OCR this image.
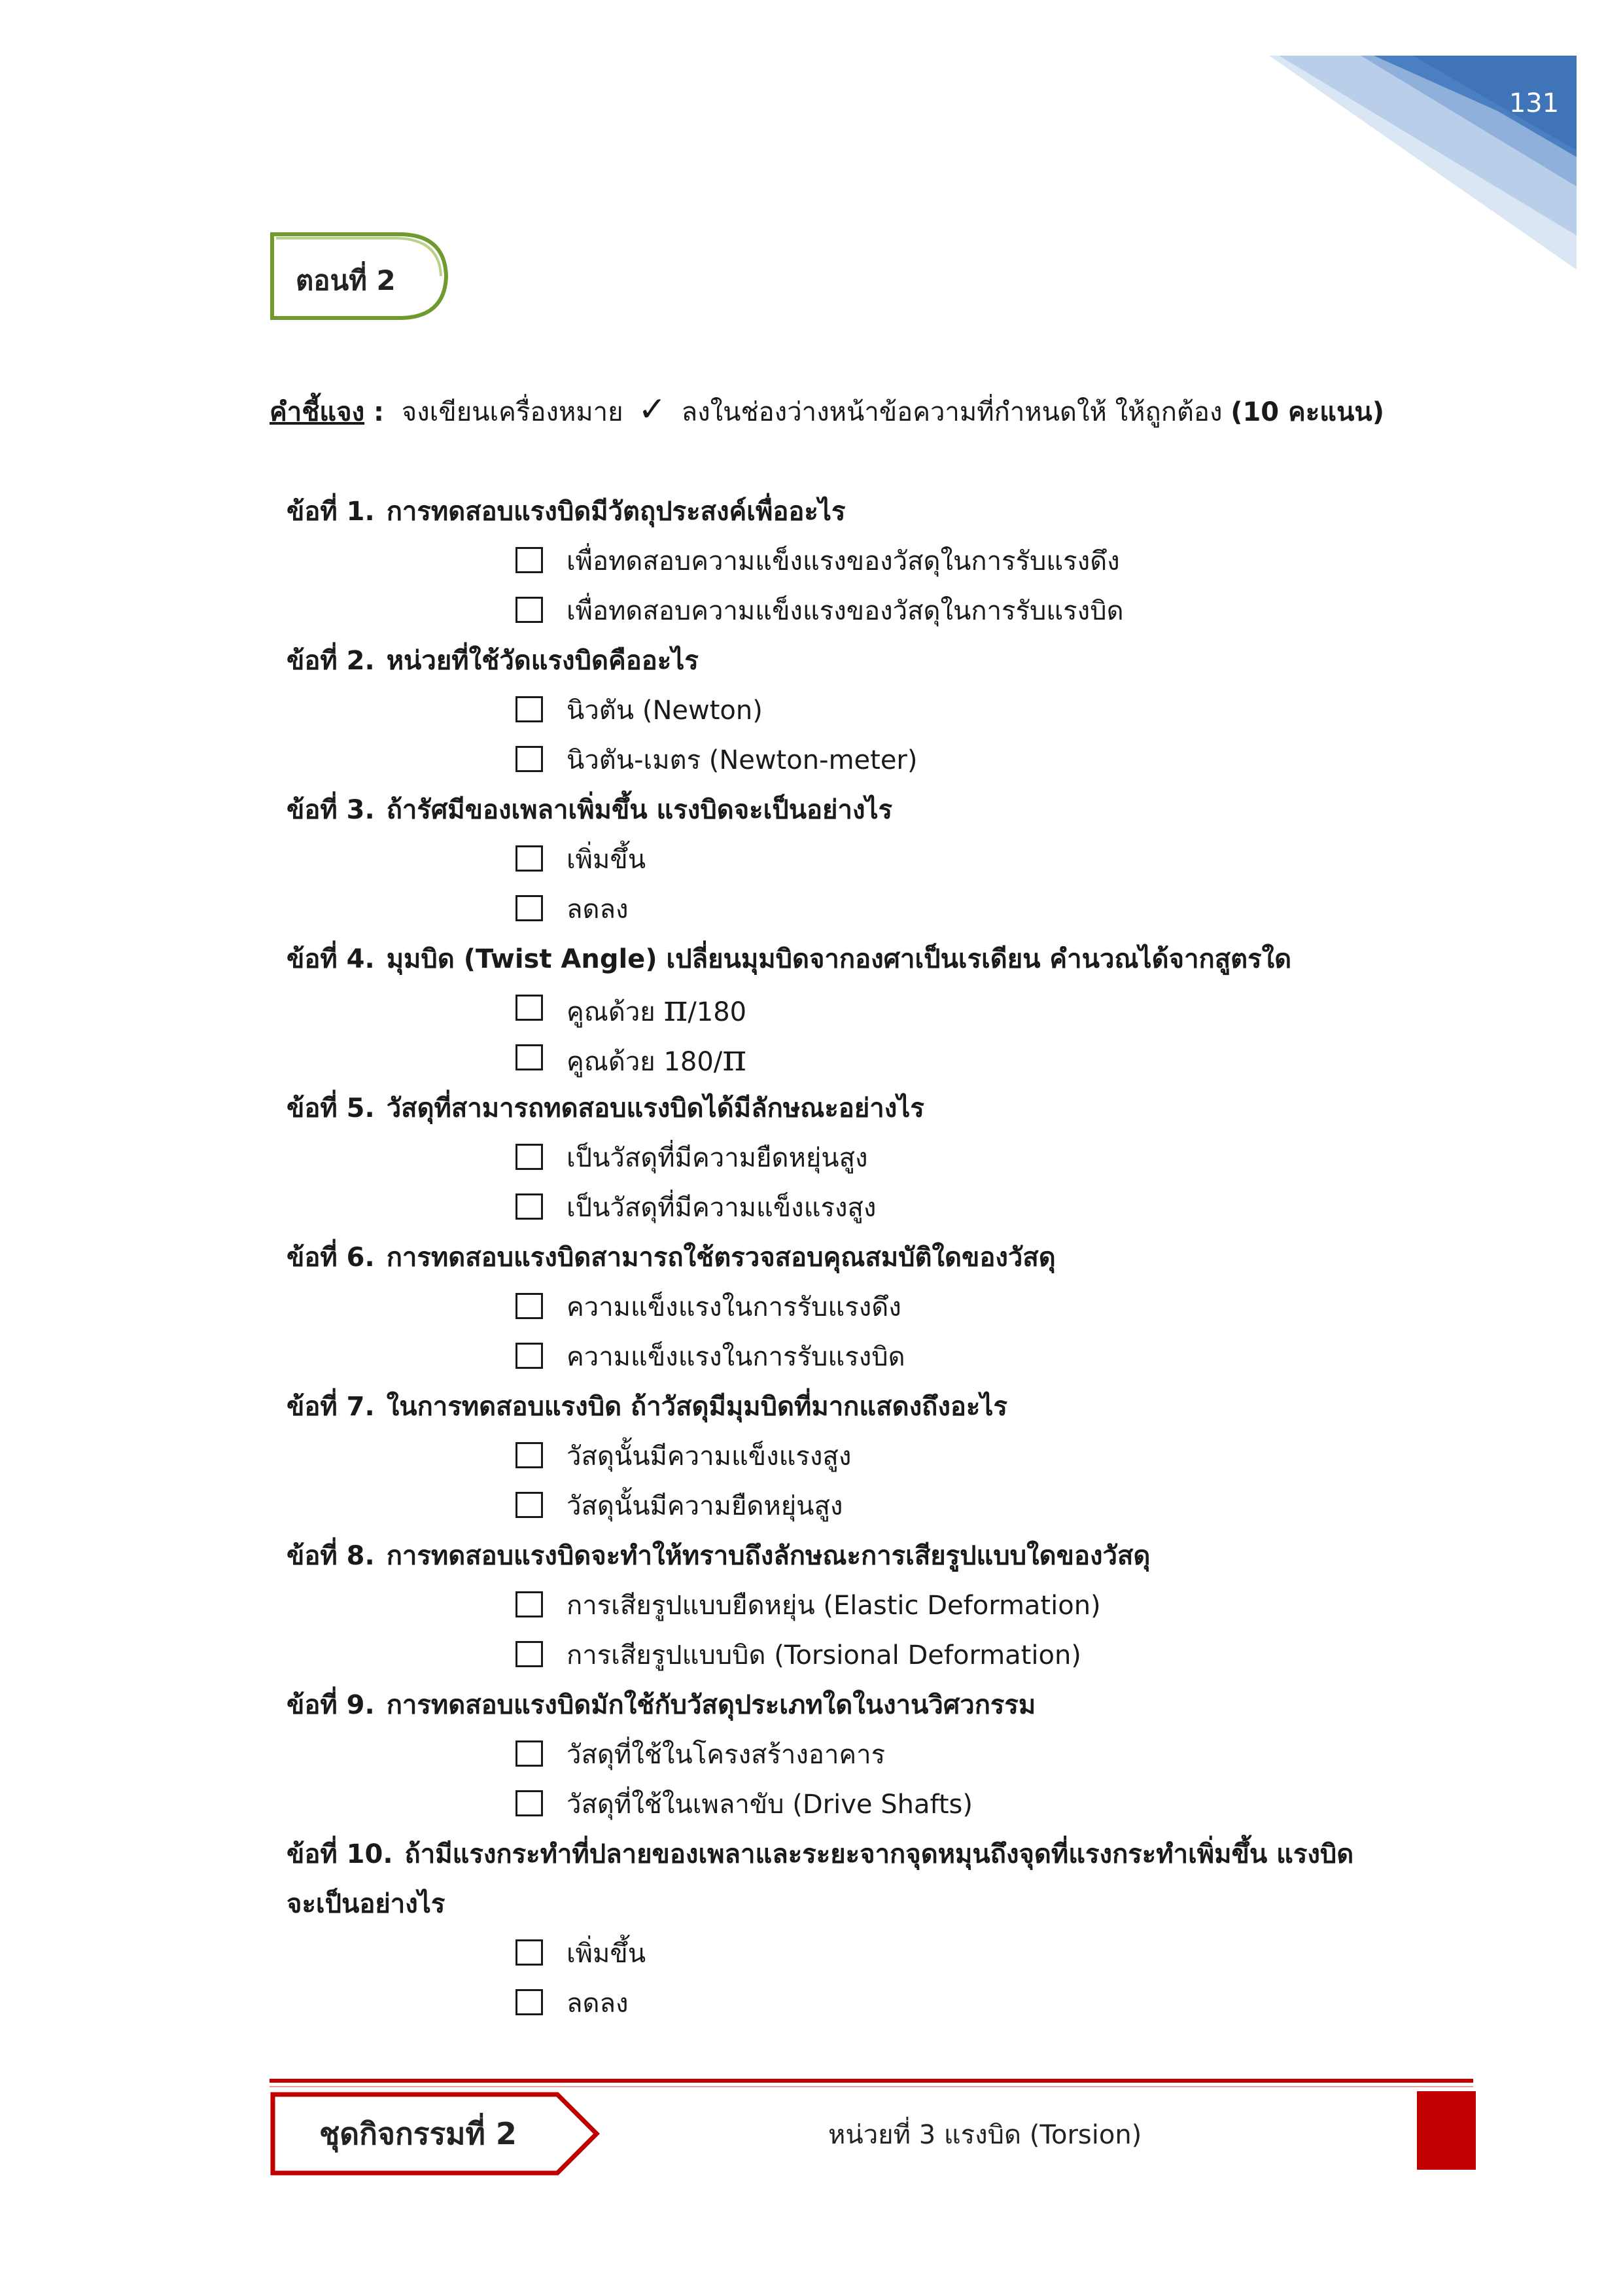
131
ตอนที่ 2
คำชี้แจง :  จงเขียนเครื่องหมาย ✓ ลงในช่องว่างหน้าข้อความที่กำหนดให้ ให้ถูกต้อง (10 คะแนน)
ข้อที่ 1. การทดสอบแรงบิดมีวัตถุประสงค์เพื่ออะไร
เพื่อทดสอบความแข็งแรงของวัสดุในการรับแรงดึง
เพื่อทดสอบความแข็งแรงของวัสดุในการรับแรงบิด
ข้อที่ 2. หน่วยที่ใช้วัดแรงบิดคืออะไร
นิวตัน (Newton)
นิวตัน-เมตร (Newton-meter)
ข้อที่ 3. ถ้ารัศมีของเพลาเพิ่มขึ้น แรงบิดจะเป็นอย่างไร
เพิ่มขึ้น
ลดลง
ข้อที่ 4. มุมบิด (Twist Angle) เปลี่ยนมุมบิดจากองศาเป็นเรเดียน คำนวณได้จากสูตรใด
คูณด้วย π/180
คูณด้วย 180/π
ข้อที่ 5. วัสดุที่สามารถทดสอบแรงบิดได้มีลักษณะอย่างไร
เป็นวัสดุที่มีความยืดหยุ่นสูง
เป็นวัสดุที่มีความแข็งแรงสูง
ข้อที่ 6. การทดสอบแรงบิดสามารถใช้ตรวจสอบคุณสมบัติใดของวัสดุ
ความแข็งแรงในการรับแรงดึง
ความแข็งแรงในการรับแรงบิด
ข้อที่ 7. ในการทดสอบแรงบิด ถ้าวัสดุมีมุมบิดที่มากแสดงถึงอะไร
วัสดุนั้นมีความแข็งแรงสูง
วัสดุนั้นมีความยืดหยุ่นสูง
ข้อที่ 8. การทดสอบแรงบิดจะทำให้ทราบถึงลักษณะการเสียรูปแบบใดของวัสดุ
การเสียรูปแบบยืดหยุ่น (Elastic Deformation)
การเสียรูปแบบบิด (Torsional Deformation)
ข้อที่ 9. การทดสอบแรงบิดมักใช้กับวัสดุประเภทใดในงานวิศวกรรม
วัสดุที่ใช้ในโครงสร้างอาคาร
วัสดุที่ใช้ในเพลาขับ (Drive Shafts)
ข้อที่ 10. ถ้ามีแรงกระทำที่ปลายของเพลาและระยะจากจุดหมุนถึงจุดที่แรงกระทำเพิ่มขึ้น แรงบิด
จะเป็นอย่างไร
เพิ่มขึ้น
ลดลง
ชุดกิจกรรมที่ 2	หน่วยที่ 3 แรงบิด (Torsion)
